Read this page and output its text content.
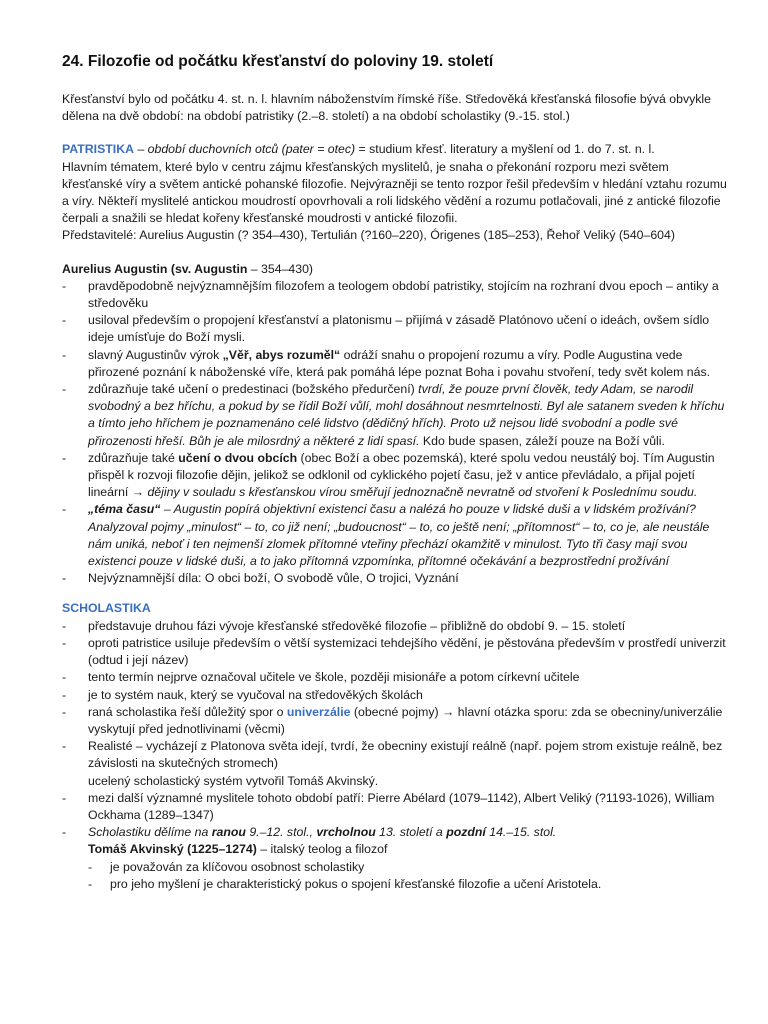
24. Filozofie od počátku křesťanství do poloviny 19. století

Křesťanství bylo od počátku 4. st. n. l. hlavním náboženstvím římské říše. Středověká křesťanská filosofie bývá obvykle dělena na dvě období: na období patristiky (2.–8. století) a na období scholastiky (9.-15. stol.)

PATRISTIKA – období duchovních otců (pater = otec) = studium křesť. literatury a myšlení od 1. do 7. st. n. l.

Hlavním tématem, které bylo v centru zájmu křesťanských myslitelů, je snaha o překonání rozporu mezi světem křesťanské víry a světem antické pohanské filozofie. Nejvýrazněji se tento rozpor řešil především v hledání vztahu rozumu a víry. Někteří myslitelé antickou moudrostí opovrhovali a roli lidského vědění a rozumu potlačovali, jiné z antické filozofie čerpali a snažili se hledat kořeny křesťanské moudrosti v antické filozofii.

Představitelé: Aurelius Augustin (? 354–430), Tertulián (?160–220), Órigenes (185–253), Řehoř Veliký (540–604)

Aurelius Augustin (sv. Augustin – 354–430)

- pravděpodobně nejvýznamnějším filozofem a teologem období patristiky, stojícím na rozhraní dvou epoch – antiky a středověku
- usiloval především o propojení křesťanství a platonismu – přijímá v zásadě Platónovo učení o ideách, ovšem sídlo ideje umísťuje do Boží mysli.
- slavný Augustinův výrok „Věř, abys rozuměl“ odráží snahu o propojení rozumu a víry. Podle Augustina vede přirozené poznání k náboženské víře, která pak pomáhá lépe poznat Boha i povahu stvoření, tedy svět kolem nás.
- zdůrazňuje také učení o predestinaci (božského předurčení) tvrdí, že pouze první člověk, tedy Adam, se narodil svobodný a bez hříchu, a pokud by se řídil Boží vůlí, mohl dosáhnout nesmrtelnosti. Byl ale satanem sveden k hříchu a tímto jeho hříchem je poznamenáno celé lidstvo (dědičný hřích). Proto už nejsou lidé svobodní a podle své přirozenosti hřeší. Bůh je ale milosrdný a některé z lidí spasí. Kdo bude spasen, záleží pouze na Boží vůli.
- zdůrazňuje také učení o dvou obcích (obec Boží a obec pozemská), které spolu vedou neustálý boj. Tím Augustin přispěl k rozvoji filozofie dějin, jelikož se odklonil od cyklického pojetí času, jež v antice převládalo, a přijal pojetí lineární → dějiny v souladu s křesťanskou vírou směřují jednoznačně nevratně od stvoření k Poslednímu soudu.
- „téma času“ – Augustin popírá objektivní existenci času a nalézá ho pouze v lidské duši a v lidském prožívání? Analyzoval pojmy „minulost“ – to, co již není; „budoucnost“ – to, co ještě není; „přítomnost“ – to, co je, ale neustále nám uniká, neboť i ten nejmenší zlomek přítomné vteřiny přechází okamžitě v minulost. Tyto tři časy mají svou existenci pouze v lidské duši, a to jako přítomná vzpomínka, přítomné očekávání a bezprostřední prožívání
- Nejvýznamnější díla: O obci boží, O svobodě vůle, O trojici, Vyznání

SCHOLASTIKA

- představuje druhou fázi vývoje křesťanské středověké filozofie – přibližně do období 9. – 15. století
- oproti patristice usiluje především o větší systemizaci tehdejšího vědění, je pěstována především v prostředí univerzit (odtud i její název)
- tento termín nejprve označoval učitele ve škole, později misionáře a potom církevní učitele
- je to systém nauk, který se vyučoval na středověkých školách
- raná scholastika řeší důležitý spor o univerzálie (obecné pojmy) → hlavní otázka sporu: zda se obecniny/univerzálie vyskytují před jednotlivinami (věcmi)
- Realisté – vycházejí z Platonova světa idejí, tvrdí, že obecniny existují reálně (např. pojem strom existuje reálně, bez závislosti na skutečných stromech)

ucelený scholastický systém vytvořil Tomáš Akvinský.

- mezi další významné myslitele tohoto období patří: Pierre Abélard (1079–1142), Albert Veliký (?1193-1026), William Ockhama (1289–1347)
- Scholastiku dělíme na ranou 9.–12. stol., vrcholnou 13. století a pozdní 14.–15. stol.

Tomáš Akvinský (1225–1274) – italský teolog a filozof

- je považován za klíčovou osobnost scholastiky
- pro jeho myšlení je charakteristický pokus o spojení křesťanské filozofie a učení Aristotela.
